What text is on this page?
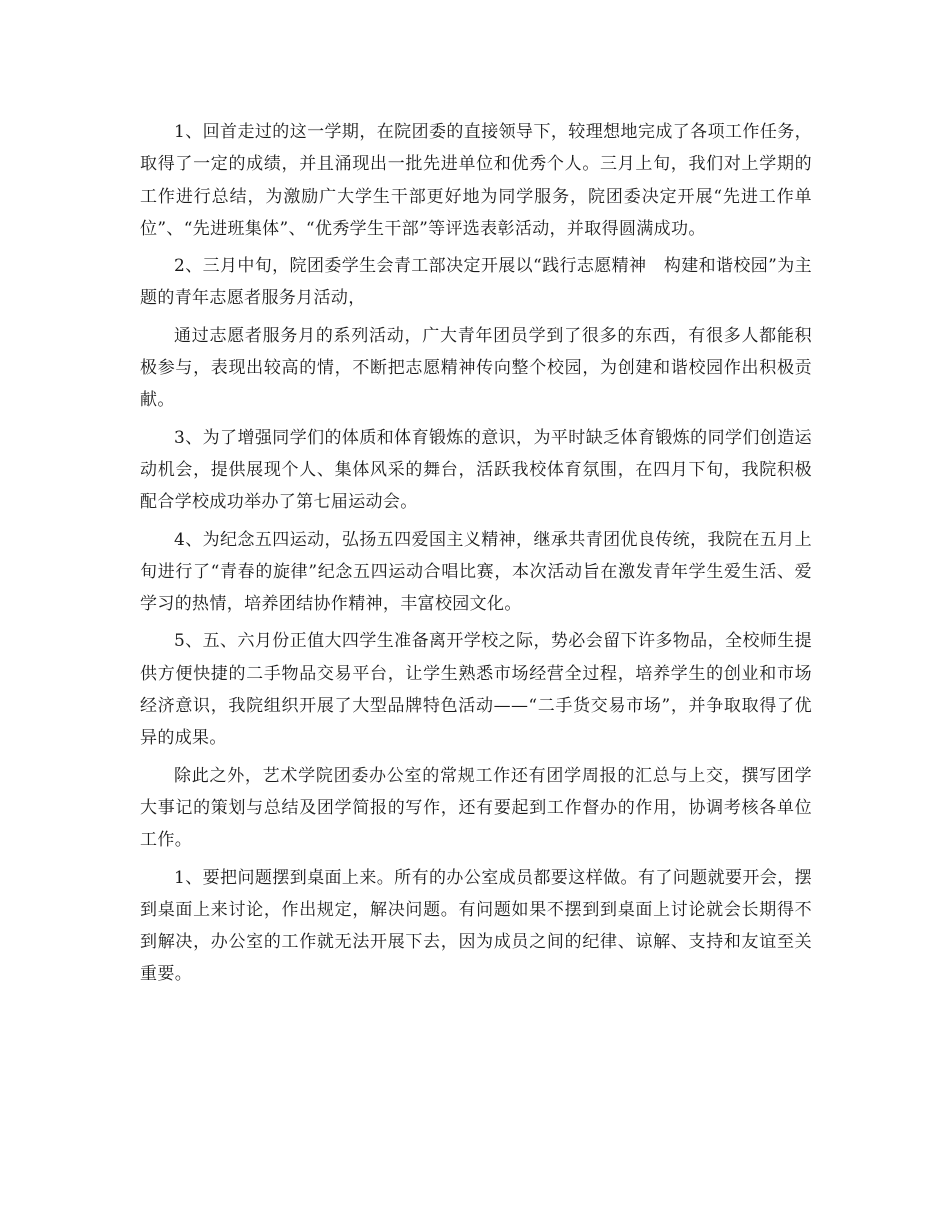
1、回首走过的这一学期，在院团委的直接领导下，较理想地完成了各项工作任务，取得了一定的成绩，并且涌现出一批先进单位和优秀个人。三月上旬，我们对上学期的工作进行总结，为激励广大学生干部更好地为同学服务，院团委决定开展“先进工作单位”、“先进班集体”、“优秀学生干部”等评选表彰活动，并取得圆满成功。

2、三月中旬，院团委学生会青工部决定开展以“践行志愿精神　构建和谐校园”为主题的青年志愿者服务月活动，

通过志愿者服务月的系列活动，广大青年团员学到了很多的东西，有很多人都能积极参与，表现出较高的情，不断把志愿精神传向整个校园，为创建和谐校园作出积极贡献。

3、为了增强同学们的体质和体育锻炼的意识，为平时缺乏体育锻炼的同学们创造运动机会，提供展现个人、集体风采的舞台，活跃我校体育氛围，在四月下旬，我院积极配合学校成功举办了第七届运动会。

4、为纪念五四运动，弘扬五四爱国主义精神，继承共青团优良传统，我院在五月上旬进行了“青春的旋律”纪念五四运动合唱比赛，本次活动旨在激发青年学生爱生活、爱学习的热情，培养团结协作精神，丰富校园文化。

5、五、六月份正值大四学生准备离开学校之际，势必会留下许多物品，全校师生提供方便快捷的二手物品交易平台，让学生熟悉市场经营全过程，培养学生的创业和市场经济意识，我院组织开展了大型品牌特色活动——“二手货交易市场”，并争取取得了优异的成果。

除此之外，艺术学院团委办公室的常规工作还有团学周报的汇总与上交，撰写团学大事记的策划与总结及团学简报的写作，还有要起到工作督办的作用，协调考核各单位工作。

1、要把问题摆到桌面上来。所有的办公室成员都要这样做。有了问题就要开会，摆到桌面上来讨论，作出规定，解决问题。有问题如果不摆到到桌面上讨论就会长期得不到解决，办公室的工作就无法开展下去，因为成员之间的纪律、谅解、支持和友谊至关重要。
